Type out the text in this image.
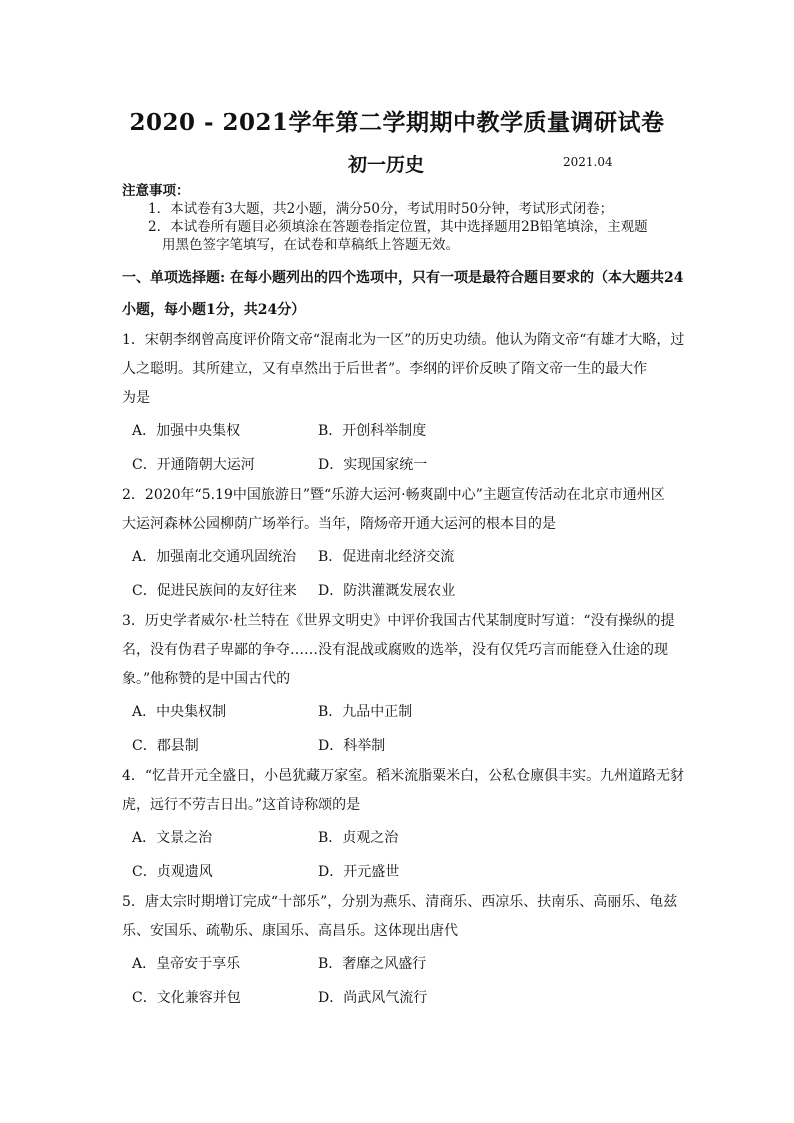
2020 - 2021学年第二学期期中教学质量调研试卷
初一历史	2021.04
注意事项：
1．本试卷有3大题，共2小题，满分50分，考试用时50分钟，考试形式闭卷；
2．本试卷所有题目必须填涂在答题卷指定位置，其中选择题用2B铅笔填涂，主观题
用黑色签字笔填写，在试卷和草稿纸上答题无效。
一、单项选择题: 在每小题列出的四个选项中，只有一项是最符合题目要求的（本大题共24
小题，每小题1分，共24分）
1．宋朝李纲曾高度评价隋文帝“混南北为一区”的历史功绩。他认为隋文帝“有雄才大略，过
人之聪明。其所建立，又有卓然出于后世者”。李纲的评价反映了隋文帝一生的最大作
为是
A．加强中央集权	B．开创科举制度
C．开通隋朝大运河	D．实现国家统一
2．2020年“5.19中国旅游日”暨“乐游大运河·畅爽副中心”主题宣传活动在北京市通州区
大运河森林公园柳荫广场举行。当年，隋炀帝开通大运河的根本目的是
A．加强南北交通巩固统治	B．促进南北经济交流
C．促进民族间的友好往来	D．防洪灌溉发展农业
3．历史学者威尔·杜兰特在《世界文明史》中评价我国古代某制度时写道：“没有操纵的提
名，没有伪君子卑鄙的争夺……没有混战或腐败的选举，没有仅凭巧言而能登入仕途的现
象。”他称赞的是中国古代的
A．中央集权制	B．九品中正制
C．郡县制	D．科举制
4．“忆昔开元全盛日，小邑犹藏万家室。稻米流脂粟米白，公私仓廪俱丰实。九州道路无豺
虎，远行不劳吉日出。”这首诗称颂的是
A．文景之治	B．贞观之治
C．贞观遗风	D．开元盛世
5．唐太宗时期增订完成“十部乐”，分别为燕乐、清商乐、西凉乐、扶南乐、高丽乐、龟兹
乐、安国乐、疏勒乐、康国乐、高昌乐。这体现出唐代
A．皇帝安于享乐	B．奢靡之风盛行
C．文化兼容并包	D．尚武风气流行
